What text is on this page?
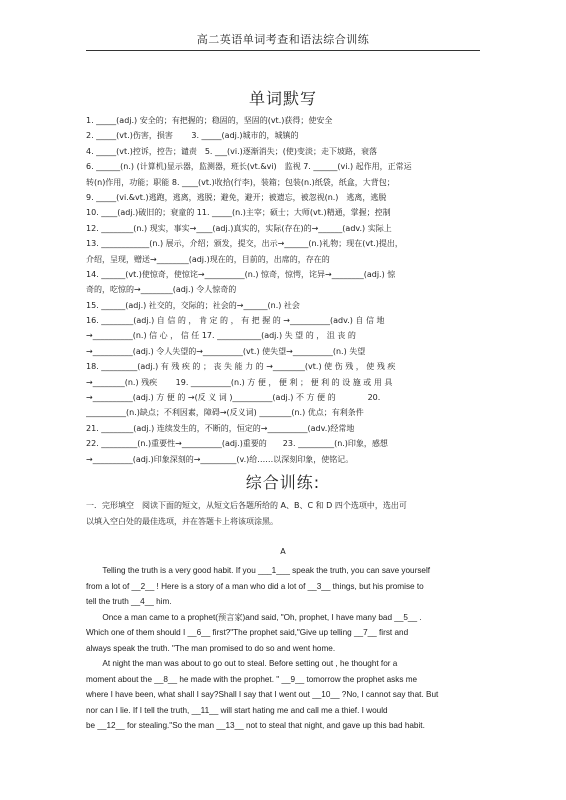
高二英语单词考查和语法综合训练
单词默写
1. _____(adj.) 安全的；有把握的；稳固的，坚固的(vt.)获得；使安全
2. _____(vt.)伤害，损害　　 3. _____(adj.)城市的，城镇的
4. _____(vt.)控诉，控告；谴责　5. ___(vi.)逐渐消失；(使)变淡；走下坡路，衰落
6. ______(n.) (计算机)显示器，监测器，班长(vt.&vi)　监视 7. ______(vi.) 起作用，正常运
转(n)作用，功能；职能 8. ____(vt.)收拾(行李)，装箱；包装(n.)纸袋，纸盒，大背包；
9. _____(vi.&vt.)逃跑，逃离，逃脱；避免，避开；被遗忘，被忽视(n.)　逃离，逃脱
10. ____(adj.)破旧的；衰童的 11. _____(n.)主宰；硕士；大师(vt.)精通，掌握；控制
12. ________(n.) 现实，事实→____(adj.)真实的，实际(存在)的→______(adv.) 实际上
13. ____________(n.) 展示，介绍；颁发，提交，出示→______(n.)礼物；现在(vt.)提出，
介绍，呈现，赠送→________(adj.)现在的，目前的，出席的，存在的
14. ______(vt.)使惊奇，使惊诧→__________(n.) 惊奇，惊愕，诧异→________(adj.) 惊
奇的，吃惊的→________(adj.) 令人惊奇的
15. ______(adj.) 社交的，交际的；社会的→______(n.) 社会
16. ________(adj.) 自 信 的 ， 肯 定 的 ， 有 把 握 的 →__________(adv.) 自 信 地
→__________(n.) 信 心 ， 信 任 17. ___________(adj.) 失 望 的 ， 沮 丧 的
→__________(adj.) 令人失望的→__________(vt.) 使失望→__________(n.) 失望
18. _________(adj.) 有 残 疾 的 ； 丧 失 能 力 的 →________(vt.) 使 伤 残 ， 使 残 疾
→________(n.) 残疾　　 19. __________(n.) 方 便 ， 便 利 ； 便 利 的 设 施 或 用 具
→__________(adj.) 方 便 的 →(反 义 词 )__________(adj.) 不 方 便 的　　　　20.
__________(n.)缺点；不利因素，障碍→(反义词) ________(n.) 优点；有利条件
21. ________(adj.) 连续发生的，不断的，恒定的→__________(adv.)经常地
22. _________(n.)重要性→__________(adj.)重要的　　23. _________(n.)印象，感想
→__________(adj.)印象深刻的→_________(v.)给……以深刻印象，使铭记。
综合训练:
一．完形填空　阅读下面的短文，从短文后各题所给的 A、B、C 和 D 四个选项中，选出可
以填入空白处的最佳选项，并在答题卡上将该项涂黑。
A
　　Telling the truth is a very good habit. If you ___1___ speak the truth, you can save yourself
from a lot of __2__ ! Here is a story of a man who did a lot of __3__ things, but his promise to
tell the truth __4__ him.
　　Once a man came to a prophet(预言家)and said, "Oh, prophet, I have many bad __5__ .
Which one of them should I __6__ first?"The prophet said,"Give up telling __7__ first and
always speak the truth. "The man promised to do so and went home.
　　At night the man was about to go out to steal. Before setting out , he thought for a
moment about the __8__ he made with the prophet. " __9__ tomorrow the prophet asks me
where I have been, what shall I say?Shall I say that I went out __10__ ?No, I cannot say that. But
nor can I lie. If I tell the truth, __11__ will start hating me and call me a thief. I would
be __12__ for stealing."So the man __13__ not to steal that night, and gave up this bad habit.
